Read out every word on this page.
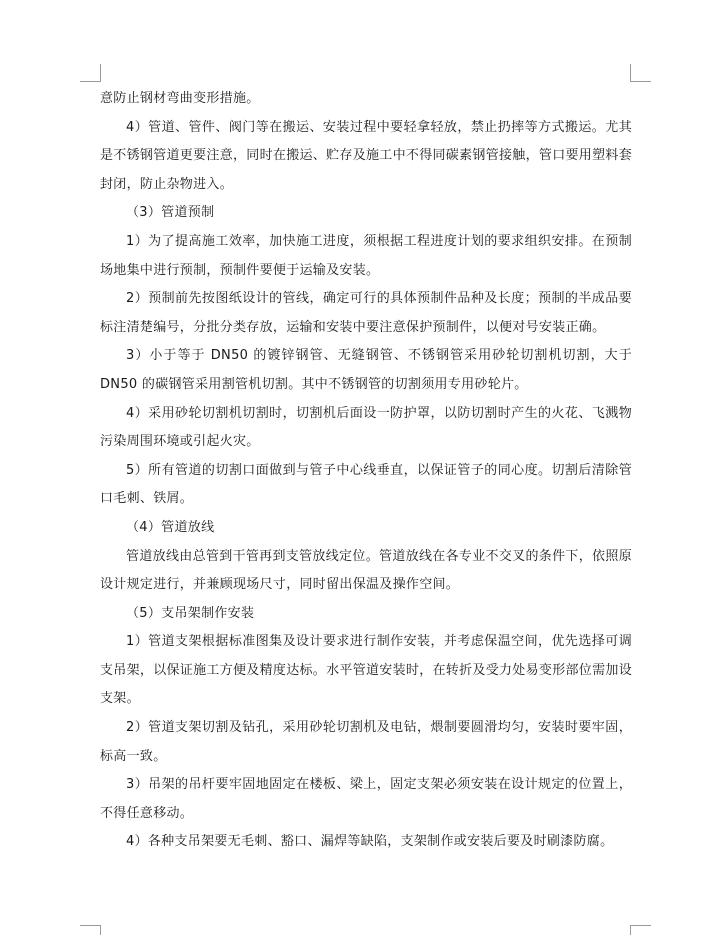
意防止钢材弯曲变形措施。

4）管道、管件、阀门等在搬运、安装过程中要轻拿轻放，禁止扔摔等方式搬运。尤其是不锈钢管道更要注意，同时在搬运、贮存及施工中不得同碳素钢管接触，管口要用塑料套封闭，防止杂物进入。

（3）管道预制

1）为了提高施工效率，加快施工进度，须根据工程进度计划的要求组织安排。在预制场地集中进行预制，预制件要便于运输及安装。

2）预制前先按图纸设计的管线，确定可行的具体预制件品种及长度；预制的半成品要标注清楚编号，分批分类存放，运输和安装中要注意保护预制件，以便对号安装正确。

3）小于等于 DN50 的镀锌钢管、无缝钢管、不锈钢管采用砂轮切割机切割，大于 DN50 的碳钢管采用割管机切割。其中不锈钢管的切割须用专用砂轮片。

4）采用砂轮切割机切割时，切割机后面设一防护罩，以防切割时产生的火花、飞溅物污染周围环境或引起火灾。

5）所有管道的切割口面做到与管子中心线垂直，以保证管子的同心度。切割后清除管口毛刺、铁屑。

（4）管道放线

管道放线由总管到干管再到支管放线定位。管道放线在各专业不交叉的条件下，依照原设计规定进行，并兼顾现场尺寸，同时留出保温及操作空间。

（5）支吊架制作安装

1）管道支架根据标准图集及设计要求进行制作安装，并考虑保温空间，优先选择可调支吊架，以保证施工方便及精度达标。水平管道安装时，在转折及受力处易变形部位需加设支架。

2）管道支架切割及钻孔，采用砂轮切割机及电钻，煨制要圆滑均匀，安装时要牢固，标高一致。

3）吊架的吊杆要牢固地固定在楼板、梁上，固定支架必须安装在设计规定的位置上，不得任意移动。

4）各种支吊架要无毛刺、豁口、漏焊等缺陷，支架制作或安装后要及时刷漆防腐。
